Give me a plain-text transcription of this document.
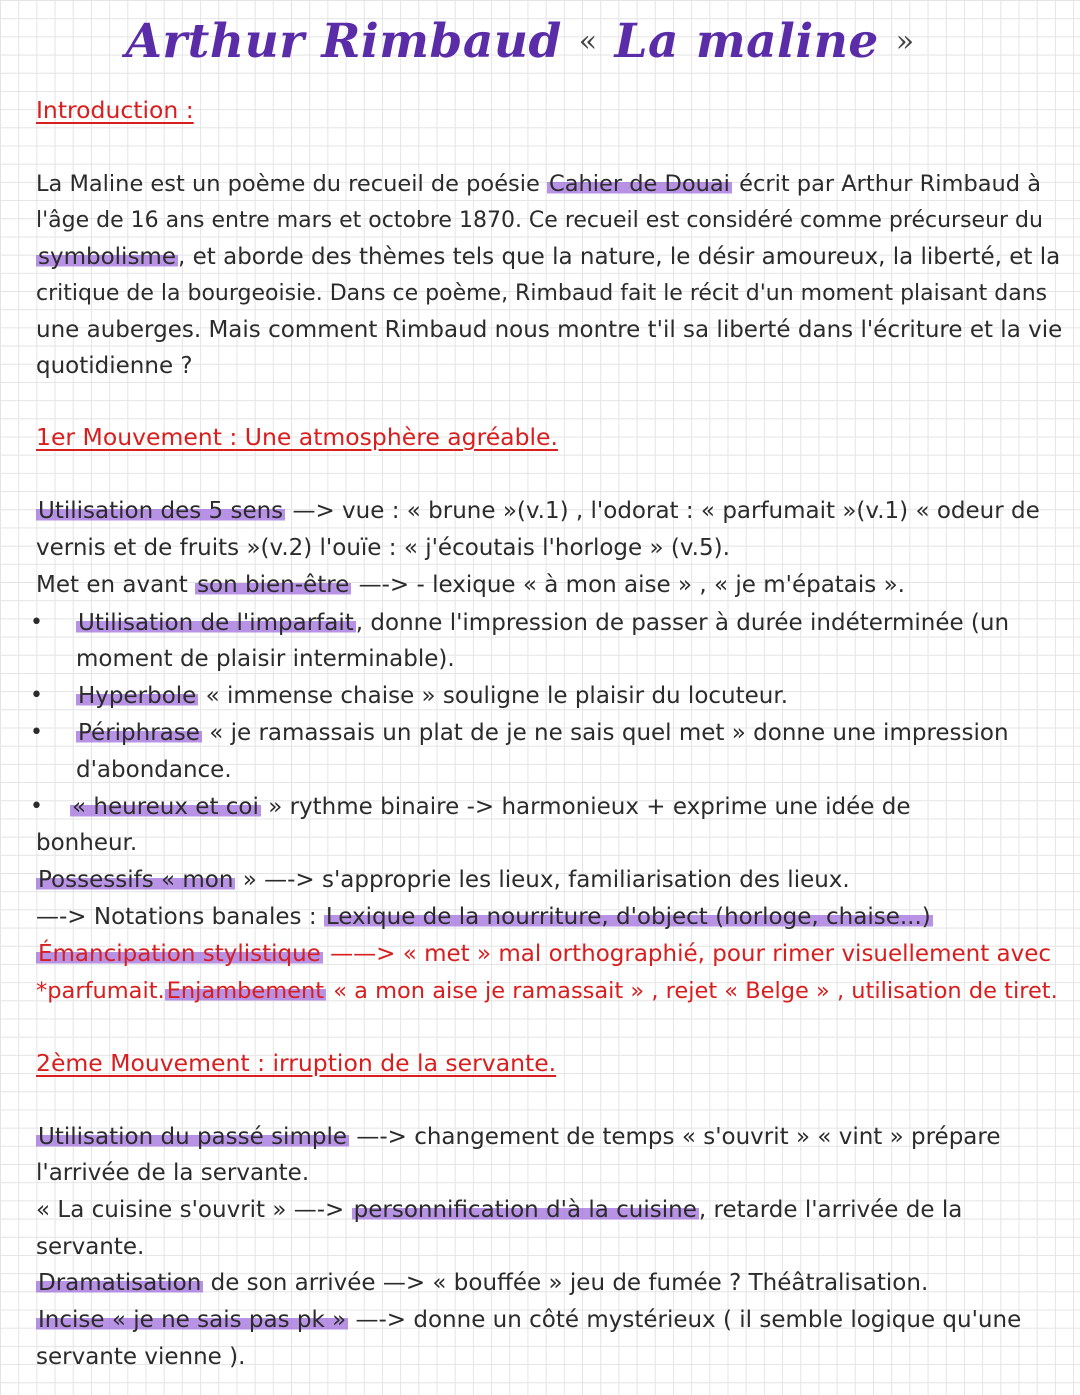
Arthur Rimbaud « La maline »
Introduction :
La Maline est un poème du recueil de poésie Cahier de Douai écrit par Arthur Rimbaud à
l'âge de 16 ans entre mars et octobre 1870. Ce recueil est considéré comme précurseur du
symbolisme, et aborde des thèmes tels que la nature, le désir amoureux, la liberté, et la
critique de la bourgeoisie. Dans ce poème, Rimbaud fait le récit d'un moment plaisant dans
une auberges. Mais comment Rimbaud nous montre t'il sa liberté dans l'écriture et la vie
quotidienne ?
1er Mouvement : Une atmosphère agréable.
Utilisation des 5 sens —> vue : « brune »(v.1) , l'odorat : « parfumait »(v.1) « odeur de
vernis et de fruits »(v.2) l'ouïe : « j'écoutais l'horloge » (v.5).
Met en avant son bien-être —-> - lexique « à mon aise » , « je m'épatais ».
• Utilisation de l'imparfait, donne l'impression de passer à durée indéterminée (un
moment de plaisir interminable).
• Hyperbole « immense chaise » souligne le plaisir du locuteur.
• Périphrase « je ramassais un plat de je ne sais quel met » donne une impression
d'abondance.
• « heureux et coi » rythme binaire -> harmonieux + exprime une idée de
bonheur.
Possessifs « mon » —-> s'approprie les lieux, familiarisation des lieux.
—-> Notations banales : Lexique de la nourriture, d'object (horloge, chaise...)
Émancipation stylistique ——> « met » mal orthographié, pour rimer visuellement avec
*parfumait.Enjambement « a mon aise je ramassait » , rejet « Belge » , utilisation de tiret.
2ème Mouvement : irruption de la servante.
Utilisation du passé simple —-> changement de temps « s'ouvrit » « vint » prépare
l'arrivée de la servante.
« La cuisine s'ouvrit » —-> personnification d'à la cuisine, retarde l'arrivée de la
servante.
Dramatisation de son arrivée —> « bouffée » jeu de fumée ? Théâtralisation.
Incise « je ne sais pas pk » —-> donne un côté mystérieux ( il semble logique qu'une
servante vienne ).
